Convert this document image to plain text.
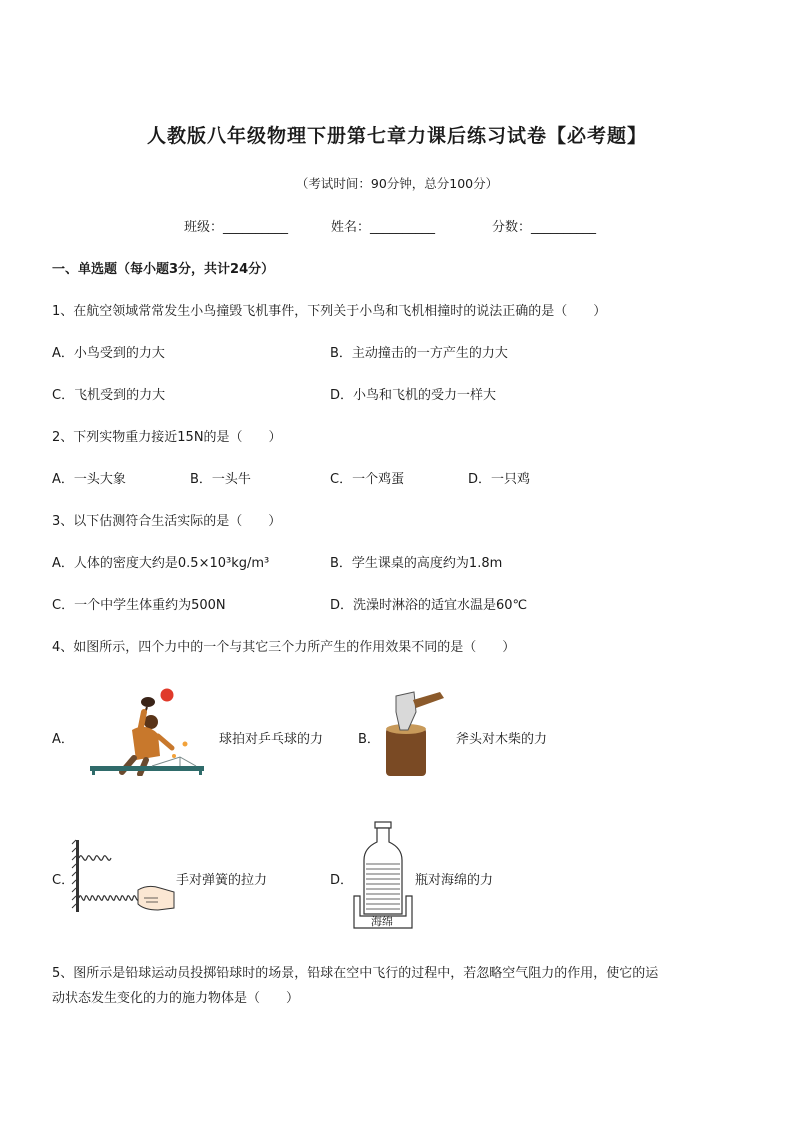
人教版八年级物理下册第七章力课后练习试卷【必考题】
（考试时间：90分钟，总分100分）
班级：__________	姓名：__________	分数：__________
一、单选题（每小题3分，共计24分）
1、在航空领域常常发生小鸟撞毁飞机事件，下列关于小鸟和飞机相撞时的说法正确的是（　　）
A．小鸟受到的力大	B．主动撞击的一方产生的力大
C．飞机受到的力大	D．小鸟和飞机的受力一样大
2、下列实物重力接近15N的是（　　）
A．一头大象	B．一头牛	C．一个鸡蛋	D．一只鸡
3、以下估测符合生活实际的是（　　）
A．人体的密度大约是0.5×10³kg/m³	B．学生课桌的高度约为1.8m
C．一个中学生体重约为500N	D．洗澡时淋浴的适宜水温是60℃
4、如图所示，四个力中的一个与其它三个力所产生的作用效果不同的是（　　）
A．	球拍对乒乓球的力	B．	斧头对木柴的力
C．	手对弹簧的拉力	D．
海绵
瓶对海绵的力
5、图所示是铅球运动员投掷铅球时的场景，铅球在空中飞行的过程中，若忽略空气阻力的作用，使它的运
动状态发生变化的力的施力物体是（　　）
